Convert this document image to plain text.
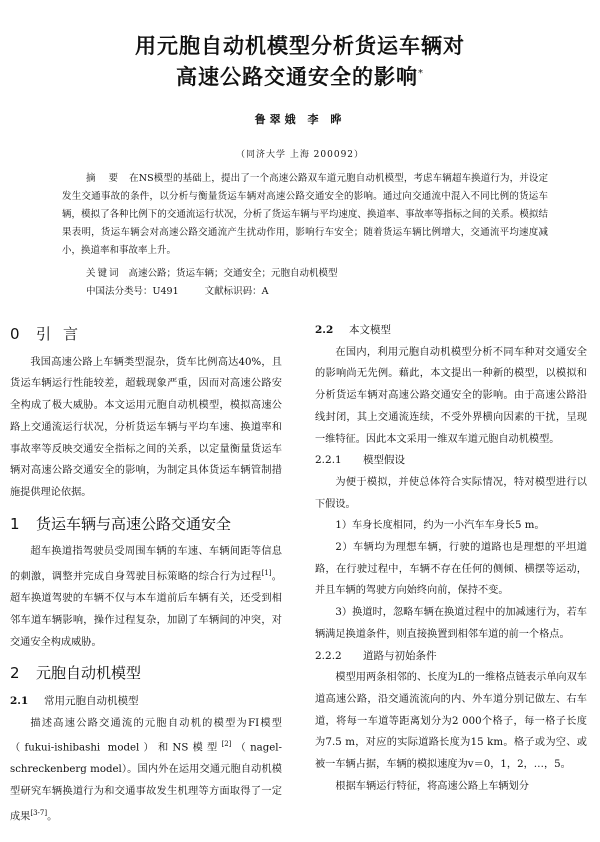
用元胞自动机模型分析货运车辆对
高速公路交通安全的影响*
鲁翠娥 李 晔
（同济大学 上海 200092）
摘 要 在NS模型的基础上，提出了一个高速公路双车道元胞自动机模型，考虑车辆超车换道行为，并设定发生交通事故的条件，以分析与衡量货运车辆对高速公路交通安全的影响。通过向交通流中混入不同比例的货运车辆，模拟了各种比例下的交通流运行状况，分析了货运车辆与平均速度、换道率、事故率等指标之间的关系。模拟结果表明，货运车辆会对高速公路交通流产生扰动作用，影响行车安全；随着货运车辆比例增大，交通流平均速度减小，换道率和事故率上升。
关键词 高速公路；货运车辆；交通安全；元胞自动机模型
中国法分类号：U491	文献标识码：A
0 引言

我国高速公路上车辆类型混杂，货车比例高达40%，且货运车辆运行性能较差，超载现象严重，因而对高速公路安全构成了极大威胁。本文运用元胞自动机模型，模拟高速公路上交通流运行状况，分析货运车辆与平均车速、换道率和事故率等反映交通安全指标之间的关系，以定量衡量货运车辆对高速公路交通安全的影响，为制定具体货运车辆管制措施提供理论依据。

1 货运车辆与高速公路交通安全

超车换道指驾驶员受周围车辆的车速、车辆间距等信息的刺激，调整并完成自身驾驶目标策略的综合行为过程[1]。超车换道驾驶的车辆不仅与本车道前后车辆有关，还受到相邻车道车辆影响，操作过程复杂，加剧了车辆间的冲突，对交通安全构成威胁。

2 元胞自动机模型
2.1 常用元胞自动机模型

描述高速公路交通流的元胞自动机的模型为FI模型（fukui-ishibashi model）和NS模型[2]（nagel-schreckenberg model）。国内外在运用交通元胞自动机模型研究车辆换道行为和交通事故发生机理等方面取得了一定成果[3-7]。

2.2 本文模型

在国内，利用元胞自动机模型分析不同车种对交通安全的影响尚无先例。藉此，本文提出一种新的模型，以模拟和分析货运车辆对高速公路交通安全的影响。由于高速公路沿线封闭，其上交通流连续，不受外界横向因素的干扰，呈现一维特征。因此本文采用一维双车道元胞自动机模型。

2.2.1 模型假设

为便于模拟，并使总体符合实际情况，特对模型进行以下假设。

1）车身长度相同，约为一小汽车车身长5 m。

2）车辆均为理想车辆，行驶的道路也是理想的平坦道路，在行驶过程中，车辆不存在任何的侧倾、横摆等运动，并且车辆的驾驶方向始终向前，保持不变。

3）换道时，忽略车辆在换道过程中的加减速行为，若车辆满足换道条件，则直接换置到相邻车道的前一个格点。

2.2.2 道路与初始条件

模型用两条相邻的、长度为L的一维格点链表示单向双车道高速公路，沿交通流流向的内、外车道分别记做左、右车道，将每一车道等距离划分为2 000个格子，每一格子长度为7.5 m，对应的实际道路长度为15 km。格子或为空、或被一车辆占据，车辆的模拟速度为v＝0，1，2，…，5。

根据车辆运行特征，将高速公路上车辆划分
